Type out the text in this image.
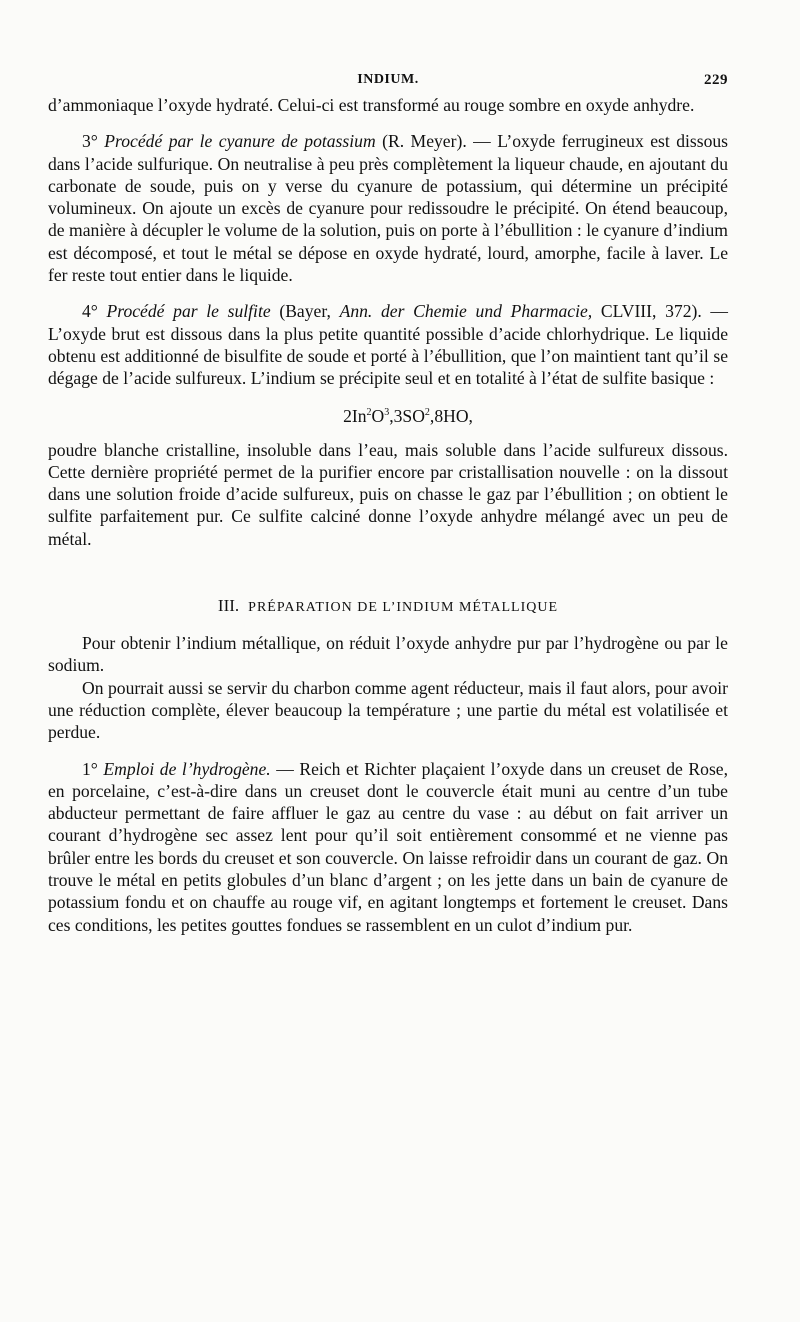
INDIUM.	229

d’ammoniaque l’oxyde hydraté. Celui-ci est transformé au rouge sombre en oxyde anhydre.

3° Procédé par le cyanure de potassium (R. Meyer). — L’oxyde ferrugineux est dissous dans l’acide sulfurique. On neutralise à peu près complètement la liqueur chaude, en ajoutant du carbonate de soude, puis on y verse du cyanure de potassium, qui détermine un précipité volumineux. On ajoute un excès de cyanure pour redissoudre le précipité. On étend beaucoup, de manière à décupler le volume de la solution, puis on porte à l’ébullition : le cyanure d’indium est décomposé, et tout le métal se dépose en oxyde hydraté, lourd, amorphe, facile à laver. Le fer reste tout entier dans le liquide.

4° Procédé par le sulfite (Bayer, Ann. der Chemie und Pharmacie, CLVIII, 372). — L’oxyde brut est dissous dans la plus petite quantité possible d’acide chlorhydrique. Le liquide obtenu est additionné de bisulfite de soude et porté à l’ébullition, que l’on maintient tant qu’il se dégage de l’acide sulfureux. L’indium se précipite seul et en totalité à l’état de sulfite basique :

$2In^2O^3,3SO^2,8HO$,

poudre blanche cristalline, insoluble dans l’eau, mais soluble dans l’acide sulfureux dissous. Cette dernière propriété permet de la purifier encore par cristallisation nouvelle : on la dissout dans une solution froide d’acide sulfureux, puis on chasse le gaz par l’ébullition ; on obtient le sulfite parfaitement pur. Ce sulfite calciné donne l’oxyde anhydre mélangé avec un peu de métal.

III. PRÉPARATION DE L’INDIUM MÉTALLIQUE

Pour obtenir l’indium métallique, on réduit l’oxyde anhydre pur par l’hydrogène ou par le sodium.

On pourrait aussi se servir du charbon comme agent réducteur, mais il faut alors, pour avoir une réduction complète, élever beaucoup la température ; une partie du métal est volatilisée et perdue.

1° Emploi de l’hydrogène. — Reich et Richter plaçaient l’oxyde dans un creuset de Rose, en porcelaine, c’est-à-dire dans un creuset dont le couvercle était muni au centre d’un tube abducteur permettant de faire affluer le gaz au centre du vase : au début on fait arriver un courant d’hydrogène sec assez lent pour qu’il soit entièrement consommé et ne vienne pas brûler entre les bords du creuset et son couvercle. On laisse refroidir dans un courant de gaz. On trouve le métal en petits globules d’un blanc d’argent ; on les jette dans un bain de cyanure de potassium fondu et on chauffe au rouge vif, en agitant longtemps et fortement le creuset. Dans ces conditions, les petites gouttes fondues se rassemblent en un culot d’indium pur.
